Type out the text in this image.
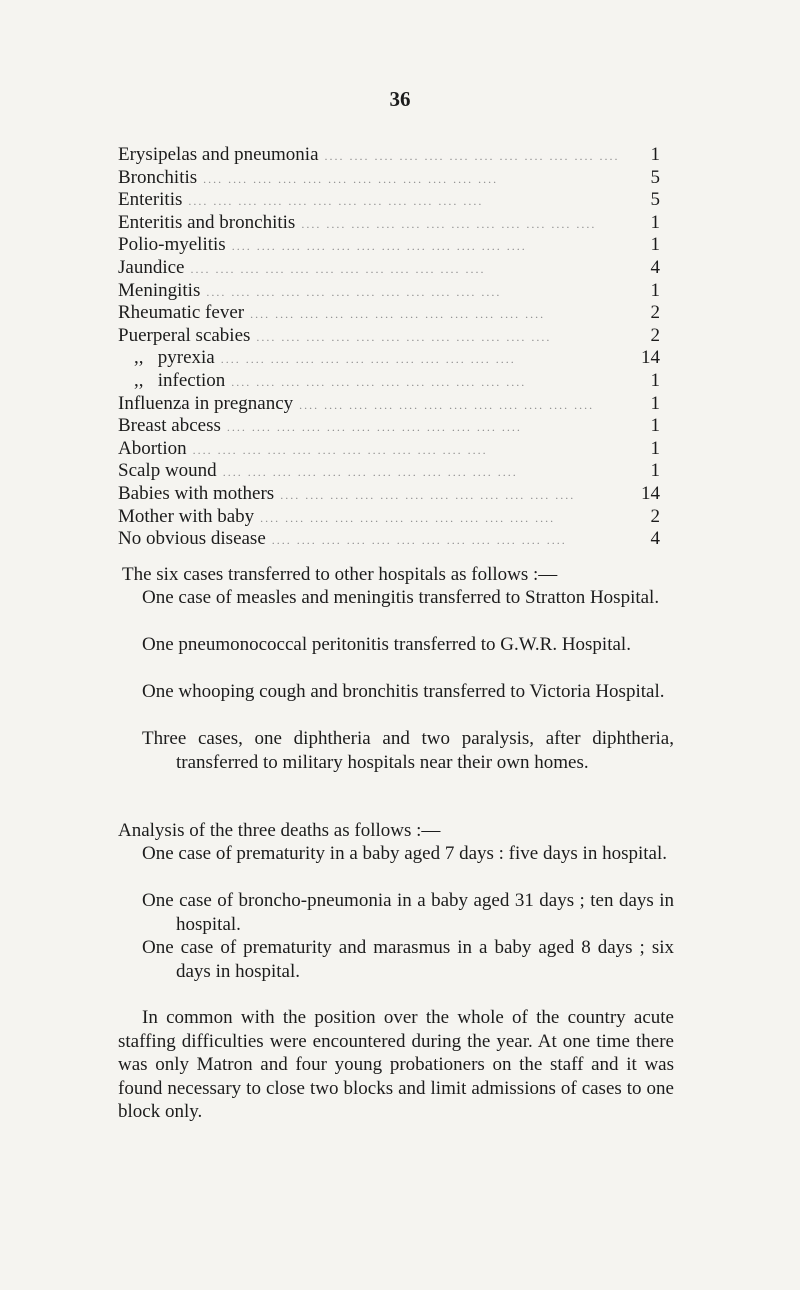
36
Erysipelas and pneumonia .... .... .... .... .... .... .... .... .... .... .... ....	1
Bronchitis .... .... .... .... .... .... .... .... .... .... .... ....	5
Enteritis .... .... .... .... .... .... .... .... .... .... .... ....	5
Enteritis and bronchitis .... .... .... .... .... .... .... .... .... .... .... ....	1
Polio-myelitis .... .... .... .... .... .... .... .... .... .... .... ....	1
Jaundice .... .... .... .... .... .... .... .... .... .... .... ....	4
Meningitis .... .... .... .... .... .... .... .... .... .... .... ....	1
Rheumatic fever .... .... .... .... .... .... .... .... .... .... .... ....	2
Puerperal scabies .... .... .... .... .... .... .... .... .... .... .... ....	2
,,   pyrexia .... .... .... .... .... .... .... .... .... .... .... ....	14
,,   infection .... .... .... .... .... .... .... .... .... .... .... ....	1
Influenza in pregnancy .... .... .... .... .... .... .... .... .... .... .... ....	1
Breast abcess .... .... .... .... .... .... .... .... .... .... .... ....	1
Abortion .... .... .... .... .... .... .... .... .... .... .... ....	1
Scalp wound .... .... .... .... .... .... .... .... .... .... .... ....	1
Babies with mothers .... .... .... .... .... .... .... .... .... .... .... ....	14
Mother with baby .... .... .... .... .... .... .... .... .... .... .... ....	2
No obvious disease .... .... .... .... .... .... .... .... .... .... .... ....	4
The six cases transferred to other hospitals as follows :—
One case of measles and meningitis transferred to Stratton Hospital.
One pneumonococcal peritonitis transferred to G.W.R. Hospital.
One whooping cough and bronchitis transferred to Victoria Hospital.
Three cases, one diphtheria and two paralysis, after diphtheria, transferred to military hospitals near their own homes.
Analysis of the three deaths as follows :—
One case of prematurity in a baby aged 7 days : five days in hospital.
One case of broncho-pneumonia in a baby aged 31 days ; ten days in hospital.
One case of prematurity and marasmus in a baby aged 8 days ; six days in hospital.
In common with the position over the whole of the country acute staffing difficulties were encountered during the year. At one time there was only Matron and four young probationers on the staff and it was found necessary to close two blocks and limit admissions of cases to one block only.
